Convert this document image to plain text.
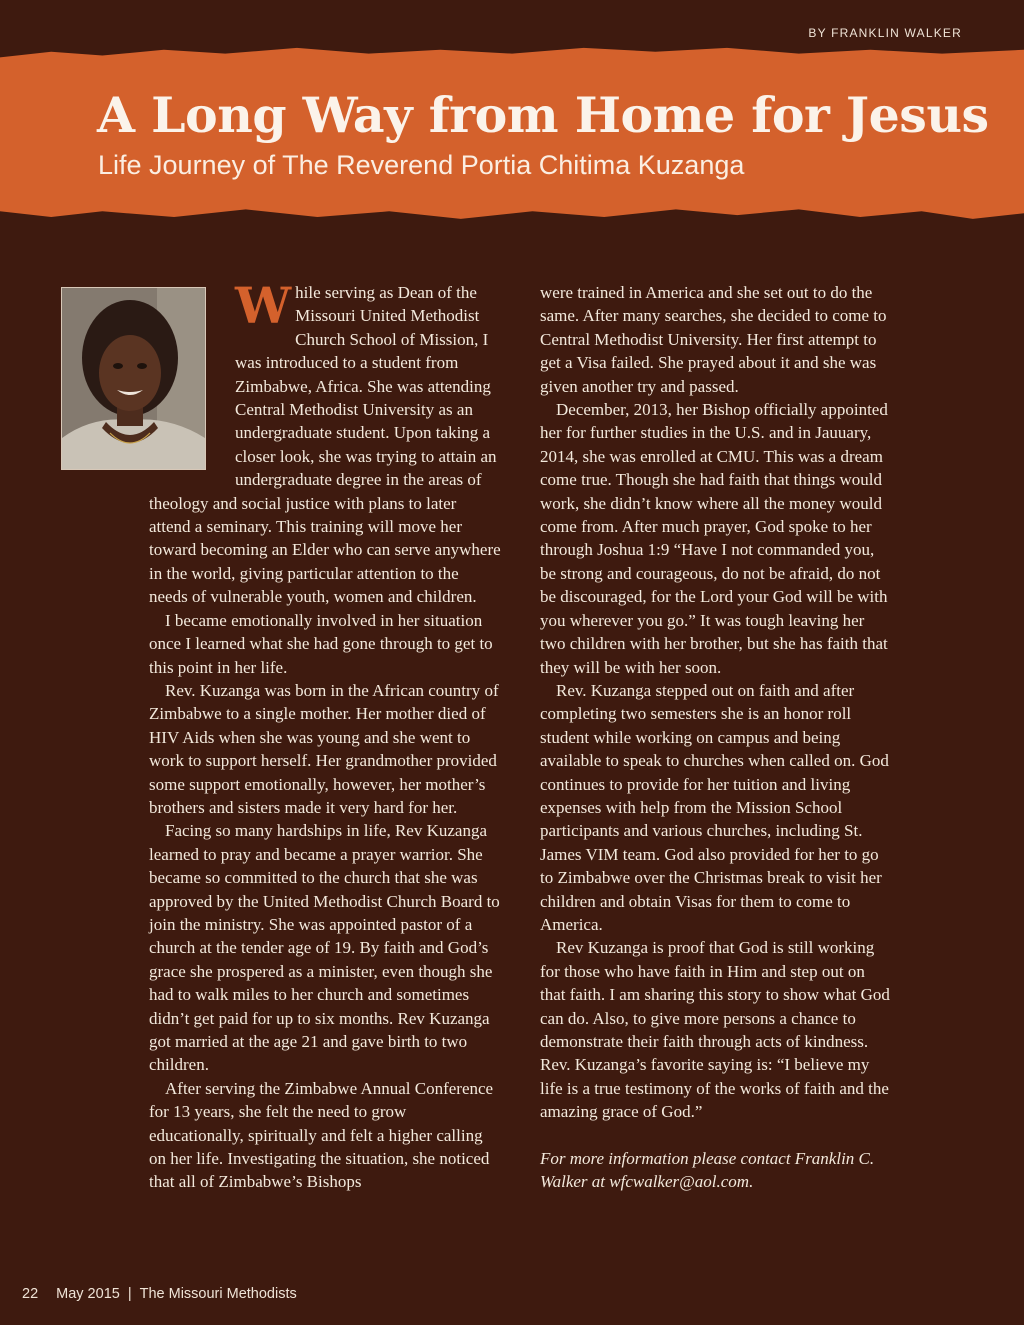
BY FRANKLIN WALKER
A Long Way from Home for Jesus
Life Journey of The Reverend Portia Chitima Kuzanga

While serving as Dean of the Missouri United Methodist Church School of Mission, I was introduced to a student from Zimbabwe, Africa. She was attending Central Methodist University as an undergraduate student. Upon taking a closer look, she was trying to attain an undergraduate degree in the areas of theology and social justice with plans to later attend a seminary. This training will move her toward becoming an Elder who can serve anywhere in the world, giving particular attention to the needs of vulnerable youth, women and children.

I became emotionally involved in her situation once I learned what she had gone through to get to this point in her life.

Rev. Kuzanga was born in the African country of Zimbabwe to a single mother. Her mother died of HIV Aids when she was young and she went to work to support herself. Her grandmother provided some support emotionally, however, her mother’s brothers and sisters made it very hard for her.

Facing so many hardships in life, Rev Kuzanga learned to pray and became a prayer warrior. She became so committed to the church that she was approved by the United Methodist Church Board to join the ministry. She was appointed pastor of a church at the tender age of 19. By faith and God’s grace she prospered as a minister, even though she had to walk miles to her church and sometimes didn’t get paid for up to six months. Rev Kuzanga got married at the age 21 and gave birth to two children.

After serving the Zimbabwe Annual Conference for 13 years, she felt the need to grow educationally, spiritually and felt a higher calling on her life. Investigating the situation, she noticed that all of Zimbabwe’s Bishops

were trained in America and she set out to do the same. After many searches, she decided to come to Central Methodist University. Her first attempt to get a Visa failed. She prayed about it and she was given another try and passed.

December, 2013, her Bishop officially appointed her for further studies in the U.S. and in Jauuary, 2014, she was enrolled at CMU. This was a dream come true. Though she had faith that things would work, she didn’t know where all the money would come from. After much prayer, God spoke to her through Joshua 1:9 “Have I not commanded you, be strong and courageous, do not be afraid, do not be discouraged, for the Lord your God will be with you wherever you go.” It was tough leaving her two children with her brother, but she has faith that they will be with her soon.

Rev. Kuzanga stepped out on faith and after completing two semesters she is an honor roll student while working on campus and being available to speak to churches when called on. God continues to provide for her tuition and living expenses with help from the Mission School participants and various churches, including St. James VIM team. God also provided for her to go to Zimbabwe over the Christmas break to visit her children and obtain Visas for them to come to America.

Rev Kuzanga is proof that God is still working for those who have faith in Him and step out on that faith. I am sharing this story to show what God can do. Also, to give more persons a chance to demonstrate their faith through acts of kindness. Rev. Kuzanga’s favorite saying is: “I believe my life is a true testimony of the works of faith and the amazing grace of God.”

For more information please contact Franklin C. Walker at wfcwalker@aol.com.

22 May 2015 | The Missouri Methodists
